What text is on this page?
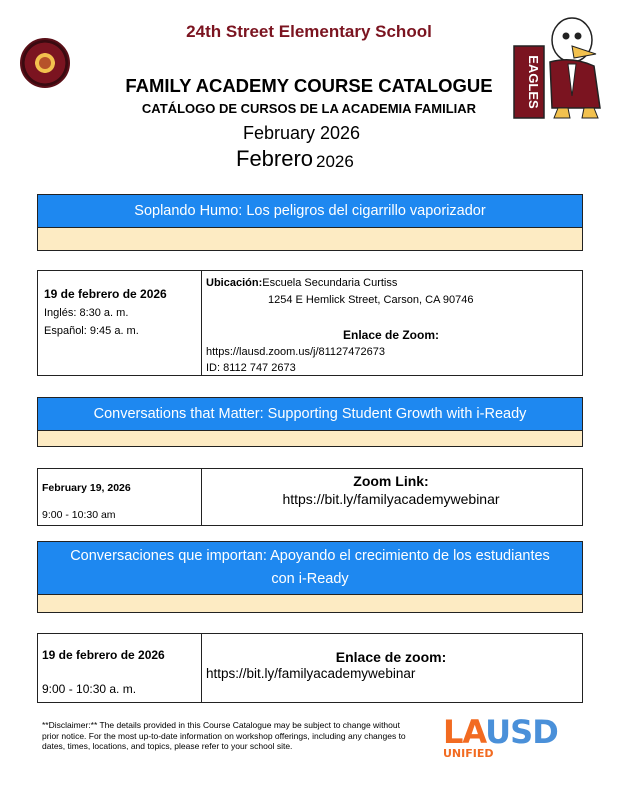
24th Street Elementary School
EAGLES
FAMILY ACADEMY COURSE CATALOGUE
CATÁLOGO DE CURSOS DE LA ACADEMIA FAMILIAR
February 2026
Febrero 2026
Soplando Humo: Los peligros del cigarrillo vaporizador
19 de febrero de 2026
Inglés: 8:30 a. m.
Español: 9:45 a. m.
Ubicación:Escuela Secundaria Curtiss
1254 E Hemlick Street, Carson, CA 90746
Enlace de Zoom:
https://lausd.zoom.us/j/81127472673
ID: 8112 747 2673
Conversations that Matter: Supporting Student Growth with i-Ready
February 19, 2026
9:00 - 10:30 am
Zoom Link:
https://bit.ly/familyacademywebinar
Conversaciones que importan: Apoyando el crecimiento de los estudiantes
con i-Ready
19 de febrero de 2026
9:00 - 10:30 a. m.
Enlace de zoom:
https://bit.ly/familyacademywebinar
**Disclaimer:** The details provided in this Course Catalogue may be subject to change without prior notice. For the most up-to-date information on workshop offerings, including any changes to dates, times, locations, and topics, please refer to your school site.	LAUSD
UNIFIED
